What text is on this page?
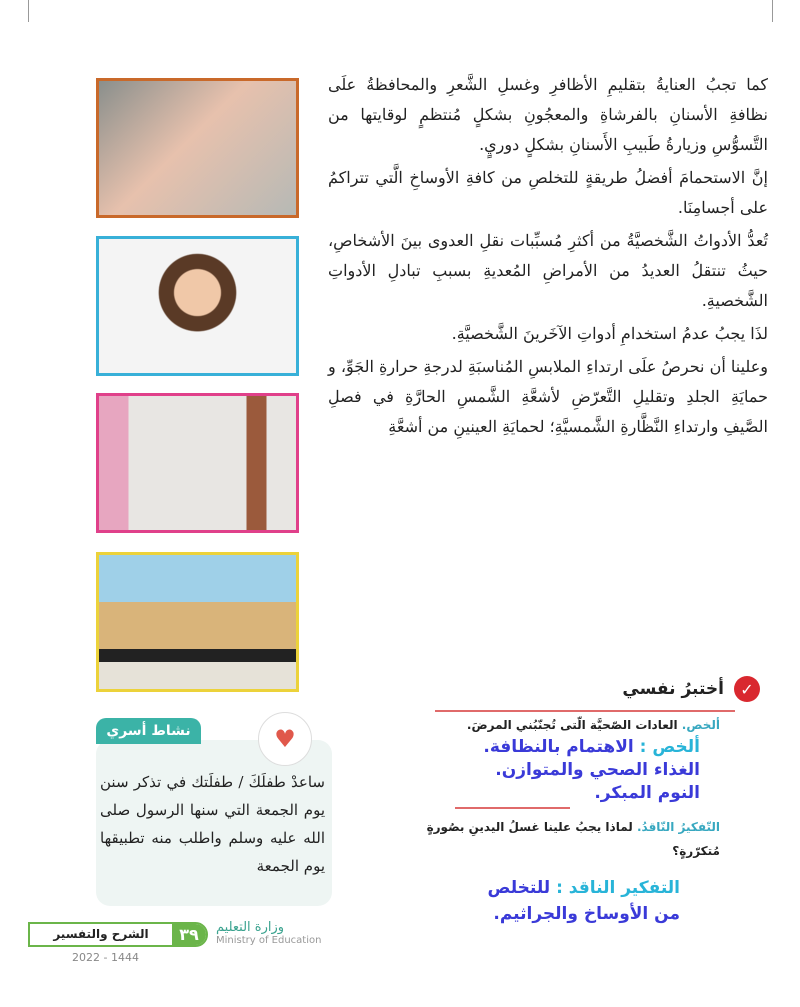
كما تجبُ العنايةُ بتقليمِ الأظافرِ وغسلِ الشَّعرِ والمحافظةُ علَى نظافةِ الأسنانِ بالفرشاةِ والمعجُونِ بشكلٍ مُنتظمٍ لوقايتها من التَّسوُّسِ وزيارةُ طَبيبِ الأَسنانِ بشكلٍ دوريٍ.

إنَّ الاستحمامَ أفضلُ طريقةٍ للتخلصِ من كافةِ الأوساخِ الَّتي تتراكمُ على أجسامِنَا.

تُعدُّ الأدواتُ الشَّخصيَّةُ من أكثرِ مُسبِّبات نقلِ العدوى بينَ الأشخاصِ، حيثُ تنتقلُ العديدُ من الأمراضِ المُعديةِ بسببِ تبادلِ الأدواتِ الشَّخصيةِ.

لذَا يجبُ عدمُ استخدامِ أدواتِ الآخَرينَ الشَّخصيَّةِ.

وعلينا أن نحرصُ علَى ارتداءِ الملابسِ المُناسبَةِ لدرجةِ حرارةِ الجَوِّ، و حمايَةِ الجلدِ وتقليلِ التَّعرّضِ لأشعَّةِ الشَّمسِ الحارَّةِ في فصلِ الصَّيفِ وارتداءِ النَّظَّارةِ الشَّمسيَّةِ؛ لحمايَةِ العينينِ من أشعَّةِ

✓
أختبرُ نفسي
ألخص. العادات الصّحيَّة الّتى تُجنّبُني المرضَ.
ألخص : الاهتمام بالنظافة.
الغذاء الصحي والمتوازن.
النوم المبكر.
التّفكيرُ النّاقدُ. لماذا يجبُ علينا غسلُ اليدينِ بصُورةٍ مُتكرّرةٍ؟
التفكير الناقد : للتخلص من الأوساخ والجراثيم.
نشاط أسري	♥
ساعدْ طفلَكَ / طفلَتك في تذكر سنن يوم الجمعة التي سنها الرسول صلى الله عليه وسلم واطلب منه تطبيقها يوم الجمعة
٣٩
الشرح والتفسير	وزارة التعليم
Ministry of Education
2022 - 1444
